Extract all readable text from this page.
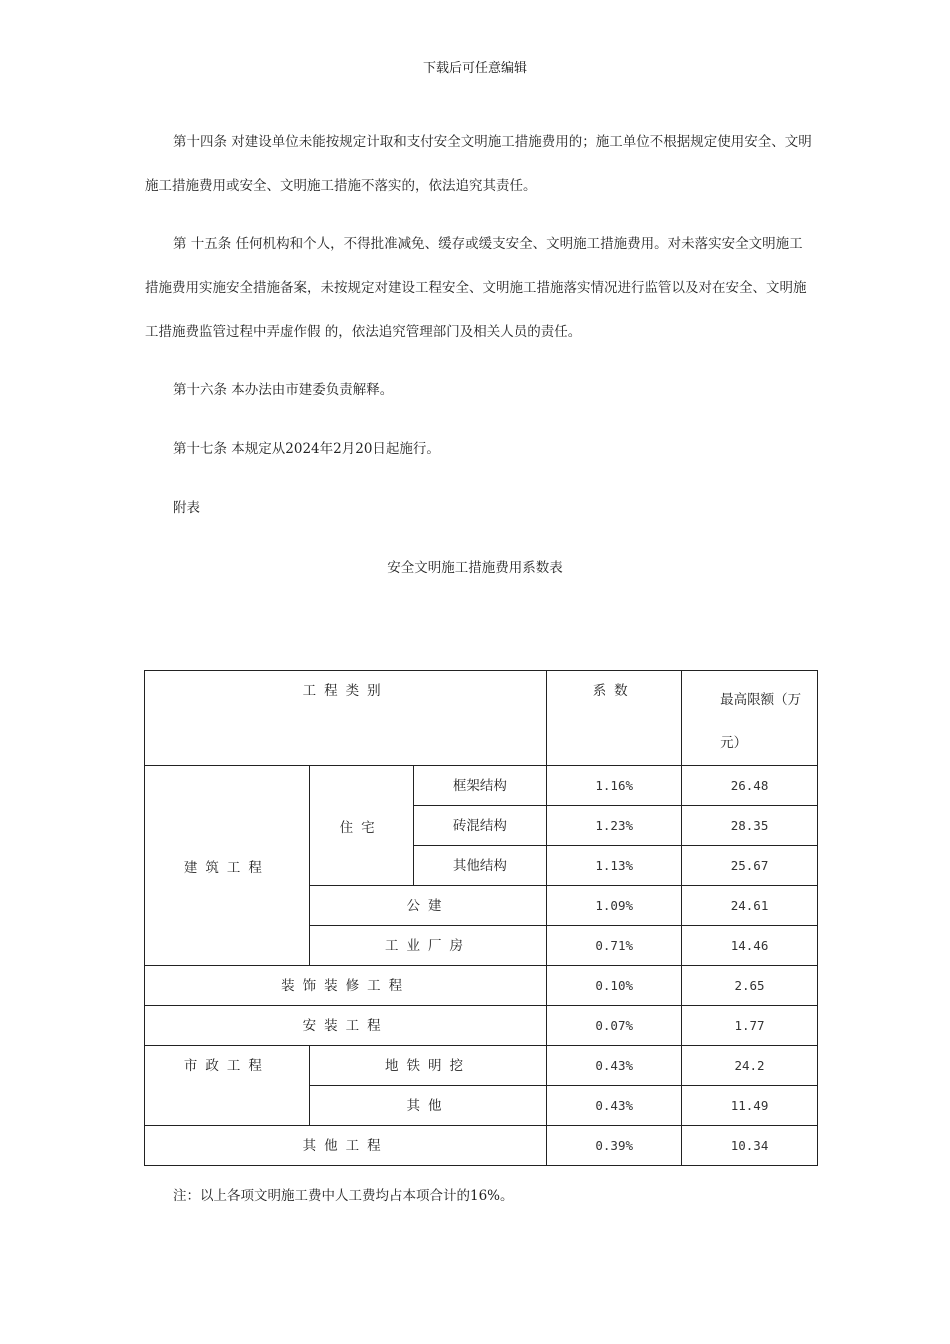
下载后可任意编辑

第十四条 对建设单位未能按规定计取和支付安全文明施工措施费用的；施工单位不根据规定使用安全、文明施工措施费用或安全、文明施工措施不落实的，依法追究其责任。

第 十五条 任何机构和个人，不得批准减免、缓存或缓支安全、文明施工措施费用。对未落实安全文明施工措施费用实施安全措施备案，未按规定对建设工程安全、文明施工措施落实情况进行监管以及对在安全、文明施工措施费监管过程中弄虚作假 的，依法追究管理部门及相关人员的责任。

第十六条 本办法由市建委负责解释。

第十七条 本规定从2024年2月20日起施行。

附表

安全文明施工措施费用系数表
工程类别			系数	最高限额（万元）

建筑工程	住宅	框架结构	1.16%	26.48

		砖混结构	1.23%	28.35

		其他结构	1.13%	25.67

	公建		1.09%	24.61

	工业厂房		0.71%	14.46

装饰装修工程			0.10%	2.65

安装工程			0.07%	1.77

市政工程	地铁明挖		0.43%	24.2

	其他		0.43%	11.49

其他工程			0.39%	10.34
注：以上各项文明施工费中人工费均占本项合计的16%。
